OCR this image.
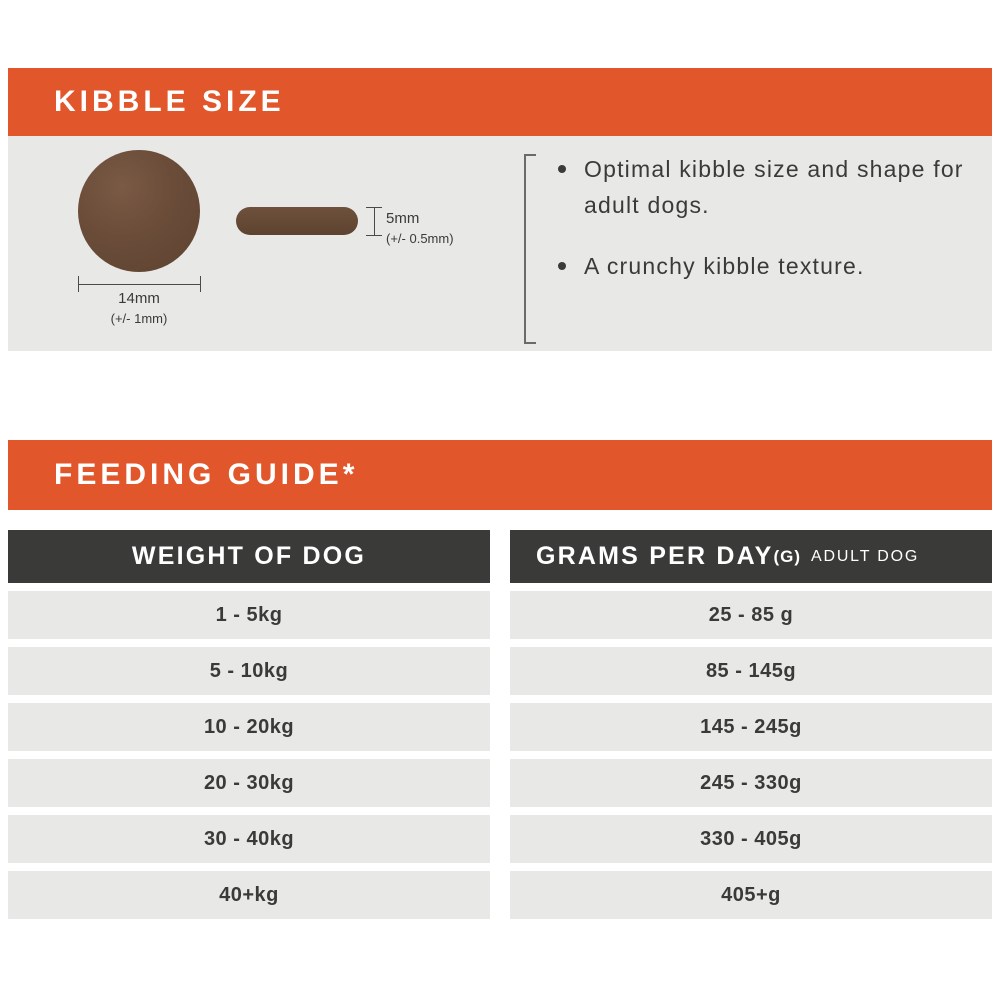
KIBBLE SIZE
14mm
(+/- 1mm)
5mm
(+/- 0.5mm)
Optimal kibble size and shape for adult dogs.
A crunchy kibble texture.
FEEDING GUIDE*
WEIGHT OF DOG	GRAMS PER DAY (G) ADULT DOG
1 - 5kg	25 - 85 g
5 - 10kg	85 - 145g
10 - 20kg	145 - 245g
20 - 30kg	245 - 330g
30 - 40kg	330 - 405g
40+kg	405+g
